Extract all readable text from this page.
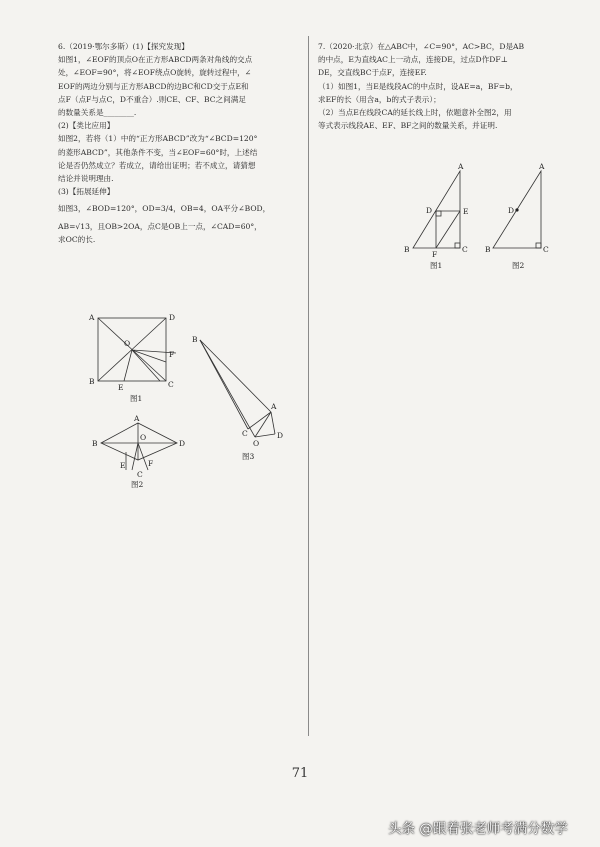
6.（2019·鄂尔多斯）(1)【探究发现】

如图1，∠EOF的顶点O在正方形ABCD两条对角线的交点

处，∠EOF=90°，将∠EOF绕点O旋转，旋转过程中，∠

EOF的两边分别与正方形ABCD的边BC和CD交于点E和

点F（点F与点C，D不重合）.则CE、CF、BC之间满足

的数量关系是________.

(2)【类比应用】

如图2，若将（1）中的“正方形ABCD”改为“∠BCD=120°

的菱形ABCD”，其他条件不变，当∠EOF=60°时，上述结

论是否仍然成立？若成立，请给出证明；若不成立，请猜想

结论并说明理由.

(3)【拓展延伸】

如图3，∠BOD=120°，OD=3/4，OB=4，OA平分∠BOD，

AB=√13，且OB>2OA，点C是OB上一点，∠CAD=60°，

求OC的长.

7.（2020·北京）在△ABC中，∠C=90°，AC>BC，D是AB

的中点，E为直线AC上一动点，连接DE，过点D作DF⊥

DE，交直线BC于点F，连接EF.

（1）如图1，当E是线段AC的中点时，设AE=a，BF=b，

求EF的长（用含a，b的式子表示）；

（2）当点E在线段CA的延长线上时，依题意补全图2，用

等式表示线段AE、EF、BF之间的数量关系，并证明.

A	D
B	C
O
E
F
图1
B
A
D
O
E	F
C
图2
B
A
C
O
D
图3
A
D	E
B
F
C
图1
A
D
B	C
图2
71
头条 @跟着张老师考满分数学
